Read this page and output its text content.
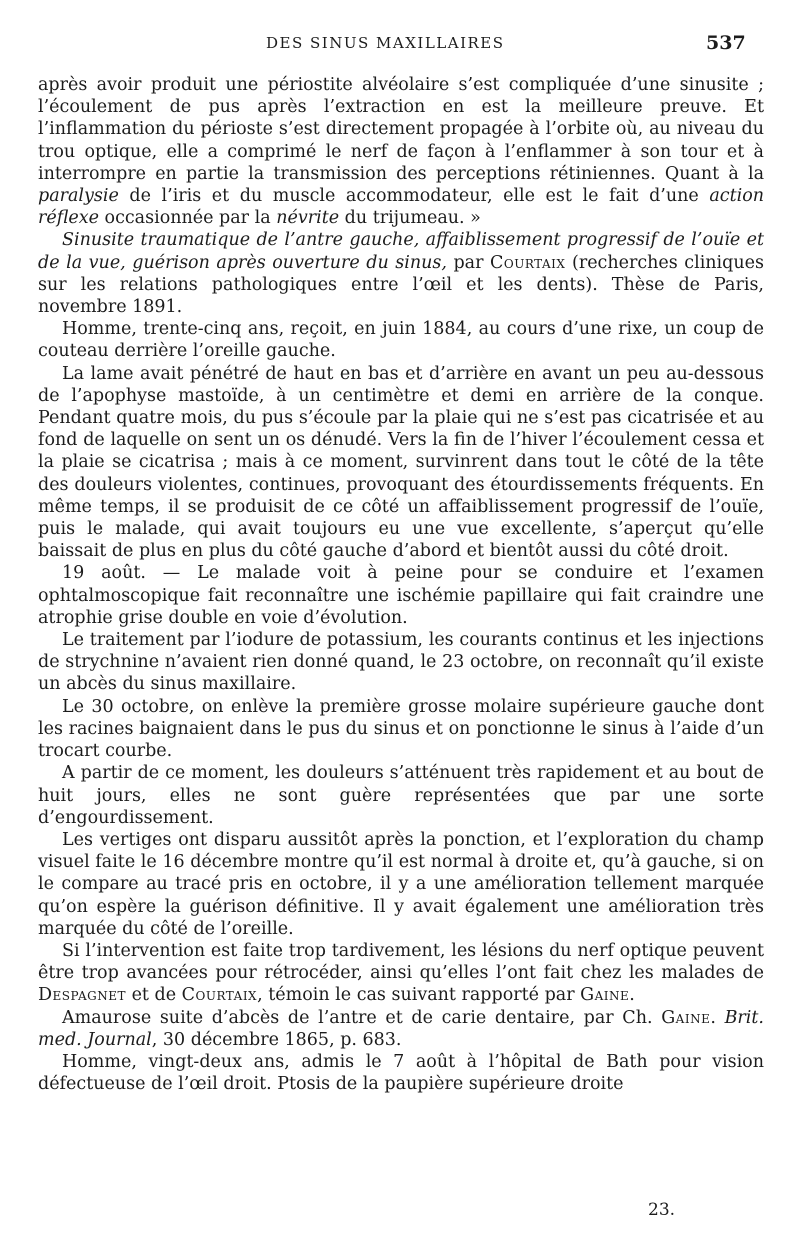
DES SINUS MAXILLAIRES	537

après avoir produit une périostite alvéolaire s’est compliquée d’une sinusite ; l’écoulement de pus après l’extraction en est la meilleure preuve. Et l’inflammation du périoste s’est directement propagée à l’orbite où, au niveau du trou optique, elle a comprimé le nerf de façon à l’enflammer à son tour et à interrompre en partie la transmission des perceptions rétiniennes. Quant à la paralysie de l’iris et du muscle accommodateur, elle est le fait d’une action réflexe occasionnée par la névrite du trijumeau. »

Sinusite traumatique de l’antre gauche, affaiblissement progressif de l’ouïe et de la vue, guérison après ouverture du sinus, par Courtaix (recherches cliniques sur les relations pathologiques entre l’œil et les dents). Thèse de Paris, novembre 1891.

Homme, trente-cinq ans, reçoit, en juin 1884, au cours d’une rixe, un coup de couteau derrière l’oreille gauche.

La lame avait pénétré de haut en bas et d’arrière en avant un peu au-dessous de l’apophyse mastoïde, à un centimètre et demi en arrière de la conque. Pendant quatre mois, du pus s’écoule par la plaie qui ne s’est pas cicatrisée et au fond de laquelle on sent un os dénudé. Vers la fin de l’hiver l’écoulement cessa et la plaie se cicatrisa ; mais à ce moment, survinrent dans tout le côté de la tête des douleurs violentes, continues, provoquant des étourdissements fréquents. En même temps, il se produisit de ce côté un affaiblissement progressif de l’ouïe, puis le malade, qui avait toujours eu une vue excellente, s’aperçut qu’elle baissait de plus en plus du côté gauche d’abord et bientôt aussi du côté droit.

19 août. — Le malade voit à peine pour se conduire et l’examen ophtalmoscopique fait reconnaître une ischémie papillaire qui fait craindre une atrophie grise double en voie d’évolution.

Le traitement par l’iodure de potassium, les courants continus et les injections de strychnine n’avaient rien donné quand, le 23 octobre, on reconnaît qu’il existe un abcès du sinus maxillaire.

Le 30 octobre, on enlève la première grosse molaire supérieure gauche dont les racines baignaient dans le pus du sinus et on ponctionne le sinus à l’aide d’un trocart courbe.

A partir de ce moment, les douleurs s’atténuent très rapidement et au bout de huit jours, elles ne sont guère représentées que par une sorte d’engourdissement.

Les vertiges ont disparu aussitôt après la ponction, et l’exploration du champ visuel faite le 16 décembre montre qu’il est normal à droite et, qu’à gauche, si on le compare au tracé pris en octobre, il y a une amélioration tellement marquée qu’on espère la guérison définitive. Il y avait également une amélioration très marquée du côté de l’oreille.

Si l’intervention est faite trop tardivement, les lésions du nerf optique peuvent être trop avancées pour rétrocéder, ainsi qu’elles l’ont fait chez les malades de Despagnet et de Courtaix, témoin le cas suivant rapporté par Gaine.

Amaurose suite d’abcès de l’antre et de carie dentaire, par Ch. Gaine. Brit. med. Journal, 30 décembre 1865, p. 683.

Homme, vingt-deux ans, admis le 7 août à l’hôpital de Bath pour vision défectueuse de l’œil droit. Ptosis de la paupière supérieure droite

23.
